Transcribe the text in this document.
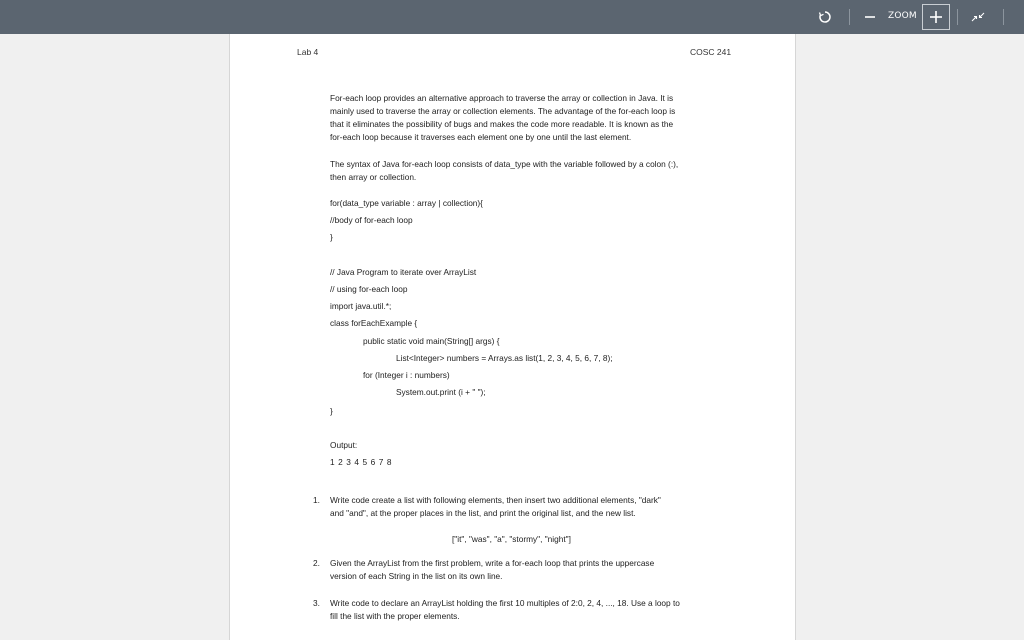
ZOOM
Lab 4	COSC 241
For-each loop provides an alternative approach to traverse the array or collection in Java. It is
mainly used to traverse the array or collection elements. The advantage of the for-each loop is
that it eliminates the possibility of bugs and makes the code more readable. It is known as the
for-each loop because it traverses each element one by one until the last element.
The syntax of Java for-each loop consists of data_type with the variable followed by a colon (:),
then array or collection.
for(data_type variable : array | collection){
//body of for-each loop
}
// Java Program to iterate over ArrayList
// using for-each loop
import java.util.*;
class forEachExample {
public static void main(String[] args) {
List<Integer> numbers = Arrays.as list(1, 2, 3, 4, 5, 6, 7, 8);
for (Integer i : numbers)
System.out.print (i + " ");
}
Output:
1 2 3 4 5 6 7 8
1. Write code create a list with following elements, then insert two additional elements, "dark"
and "and", at the proper places in the list, and print the original list, and the new list.
["it", "was", "a", "stormy", "night"]
2. Given the ArrayList from the first problem, write a for-each loop that prints the uppercase
version of each String in the list on its own line.
3. Write code to declare an ArrayList holding the first 10 multiples of 2:0, 2, 4, ..., 18. Use a loop to
fill the list with the proper elements.
